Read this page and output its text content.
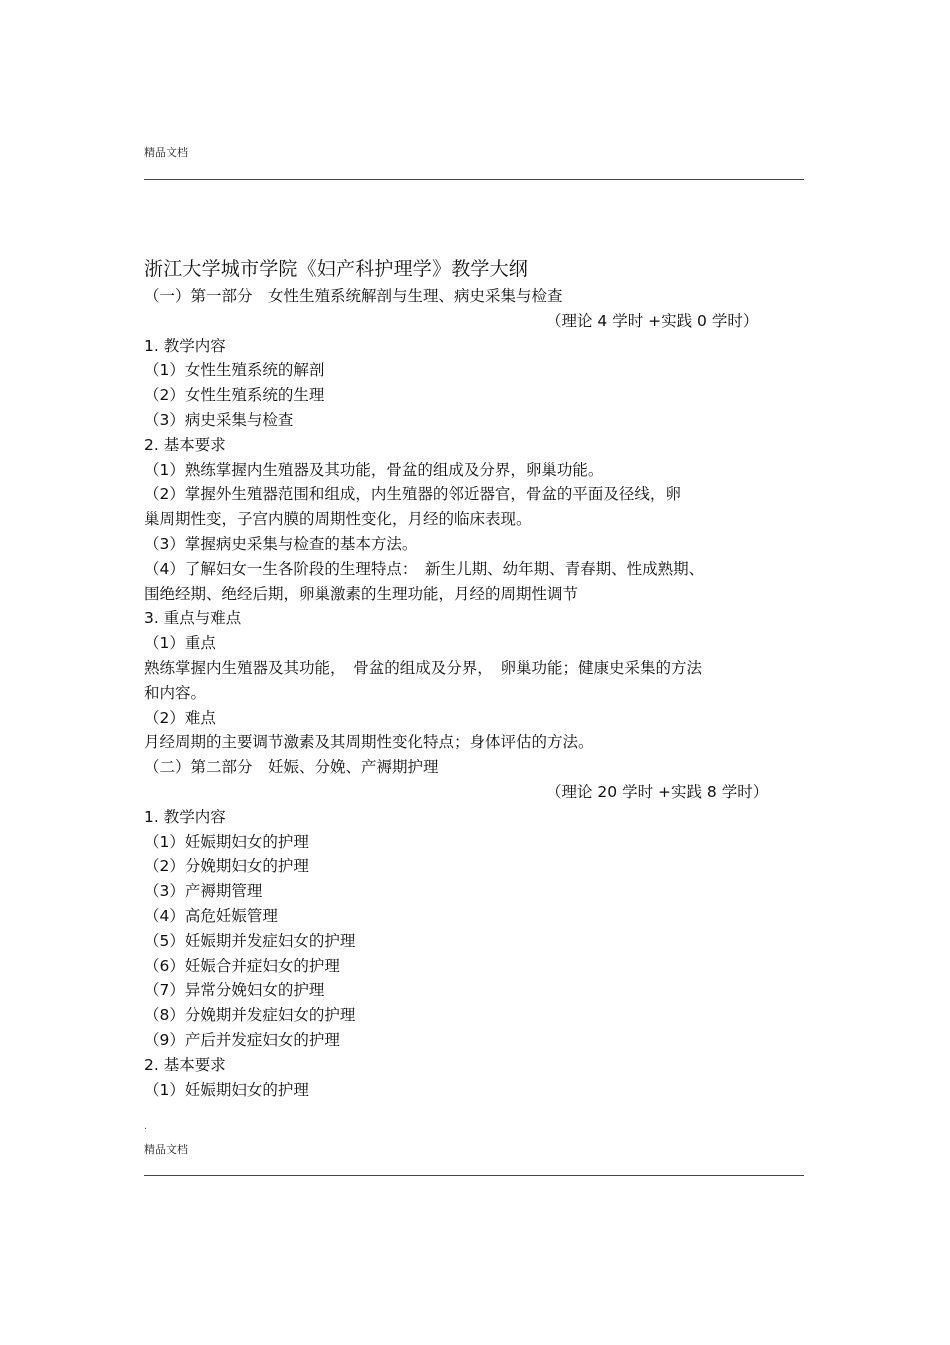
精品文档
浙江大学城市学院《妇产科护理学》教学大纲
（一）第一部分　女性生殖系统解剖与生理、病史采集与检查
（理论 4 学时 +实践 0 学时）
1. 教学内容
（1）女性生殖系统的解剖
（2）女性生殖系统的生理
（3）病史采集与检查
2. 基本要求
（1）熟练掌握内生殖器及其功能，骨盆的组成及分界，卵巢功能。
（2）掌握外生殖器范围和组成，内生殖器的邻近器官，骨盆的平面及径线，卵
巢周期性变，子宫内膜的周期性变化，月经的临床表现。
（3）掌握病史采集与检查的基本方法。
（4）了解妇女一生各阶段的生理特点：　新生儿期、幼年期、青春期、性成熟期、
围绝经期、绝经后期，卵巢激素的生理功能，月经的周期性调节
3. 重点与难点
（1）重点
熟练掌握内生殖器及其功能，　骨盆的组成及分界，　卵巢功能；健康史采集的方法
和内容。
（2）难点
月经周期的主要调节激素及其周期性变化特点；身体评估的方法。
（二）第二部分　妊娠、分娩、产褥期护理
（理论 20 学时 +实践 8 学时）
1. 教学内容
（1）妊娠期妇女的护理
（2）分娩期妇女的护理
（3）产褥期管理
（4）高危妊娠管理
（5）妊娠期并发症妇女的护理
（6）妊娠合并症妇女的护理
（7）异常分娩妇女的护理
（8）分娩期并发症妇女的护理
（9）产后并发症妇女的护理
2. 基本要求
（1）妊娠期妇女的护理
.
精品文档
